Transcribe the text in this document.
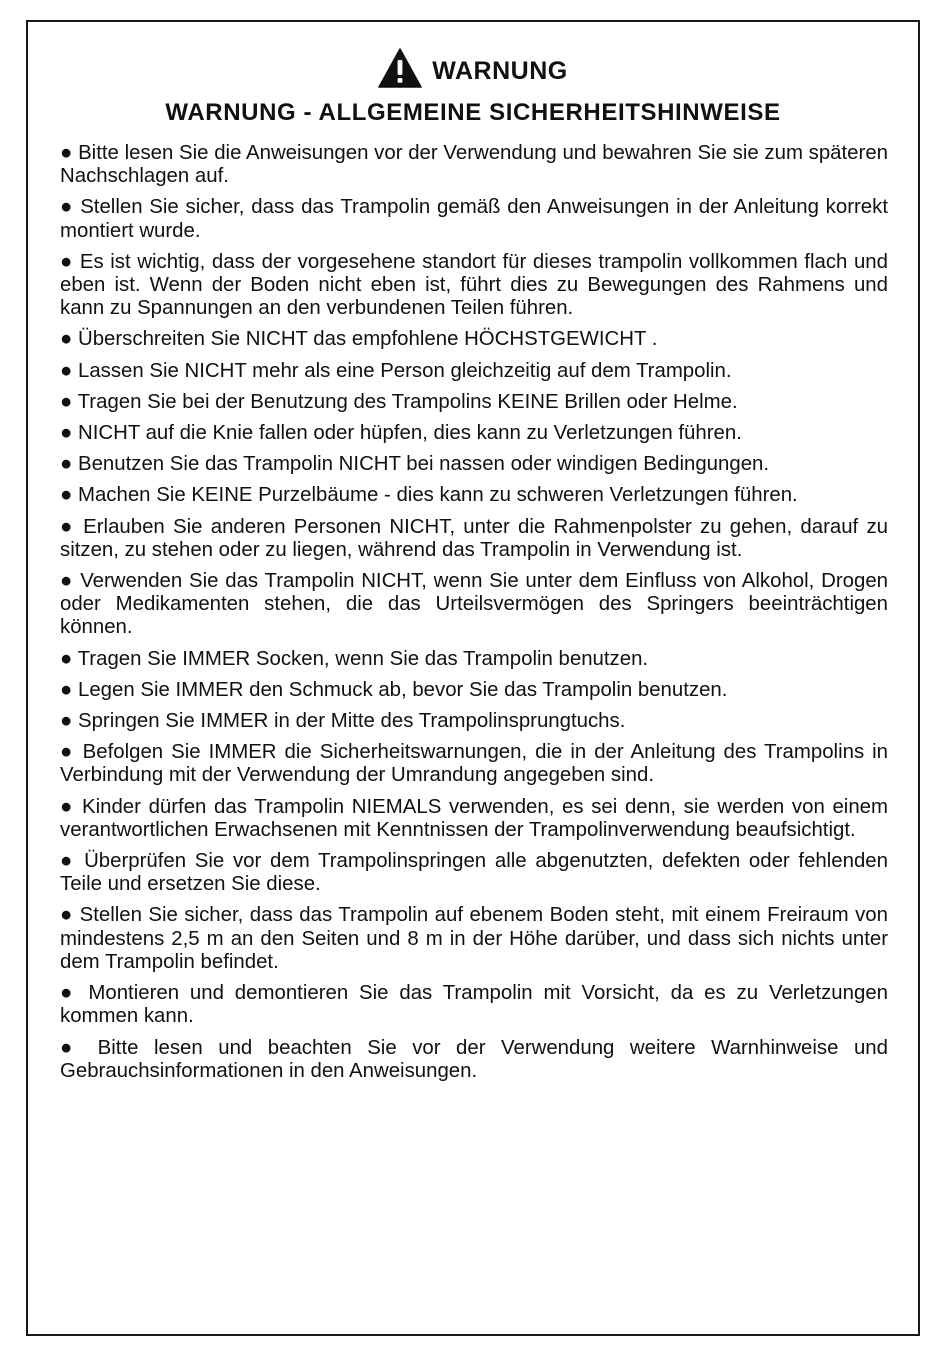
WARNUNG
WARNUNG - ALLGEMEINE SICHERHEITSHINWEISE
● Bitte lesen Sie die Anweisungen vor der Verwendung und bewahren Sie sie zum späteren Nachschlagen auf.
● Stellen Sie sicher, dass das Trampolin gemäß den Anweisungen in der Anleitung korrekt montiert wurde.
● Es ist wichtig, dass der vorgesehene standort für dieses trampolin vollkommen flach und eben ist. Wenn der Boden nicht eben ist, führt dies zu Bewegungen des Rahmens und kann zu Spannungen an den verbundenen Teilen führen.
● Überschreiten Sie NICHT das empfohlene HÖCHSTGEWICHT .
● Lassen Sie NICHT mehr als eine Person gleichzeitig auf dem Trampolin.
● Tragen Sie bei der Benutzung des Trampolins KEINE Brillen oder Helme.
● NICHT auf die Knie fallen oder hüpfen, dies kann zu Verletzungen führen.
● Benutzen Sie das Trampolin NICHT bei nassen oder windigen Bedingungen.
● Machen Sie KEINE Purzelbäume - dies kann zu schweren Verletzungen führen.
● Erlauben Sie anderen Personen NICHT, unter die Rahmenpolster zu gehen, darauf zu sitzen, zu stehen oder zu liegen, während das Trampolin in Verwendung ist.
● Verwenden Sie das Trampolin NICHT, wenn Sie unter dem Einfluss von Alkohol, Drogen oder Medikamenten stehen, die das Urteilsvermögen des Springers beeinträchtigen können.
● Tragen Sie IMMER Socken, wenn Sie das Trampolin benutzen.
● Legen Sie IMMER den Schmuck ab, bevor Sie das Trampolin benutzen.
● Springen Sie IMMER in der Mitte des Trampolinsprungtuchs.
● Befolgen Sie IMMER die Sicherheitswarnungen, die in der Anleitung des Trampolins in Verbindung mit der Verwendung der Umrandung angegeben sind.
● Kinder dürfen das Trampolin NIEMALS verwenden, es sei denn, sie werden von einem verantwortlichen Erwachsenen mit Kenntnissen der Trampolinverwendung beaufsichtigt.
● Überprüfen Sie vor dem Trampolinspringen alle abgenutzten, defekten oder fehlenden Teile und ersetzen Sie diese.
● Stellen Sie sicher, dass das Trampolin auf ebenem Boden steht, mit einem Freiraum von mindestens 2,5 m an den Seiten und 8 m in der Höhe darüber, und dass sich nichts unter dem Trampolin befindet.
● Montieren und demontieren Sie das Trampolin mit Vorsicht, da es zu Verletzungen kommen kann.
● Bitte lesen und beachten Sie vor der Verwendung weitere Warnhinweise und Gebrauchsinformationen in den Anweisungen.
